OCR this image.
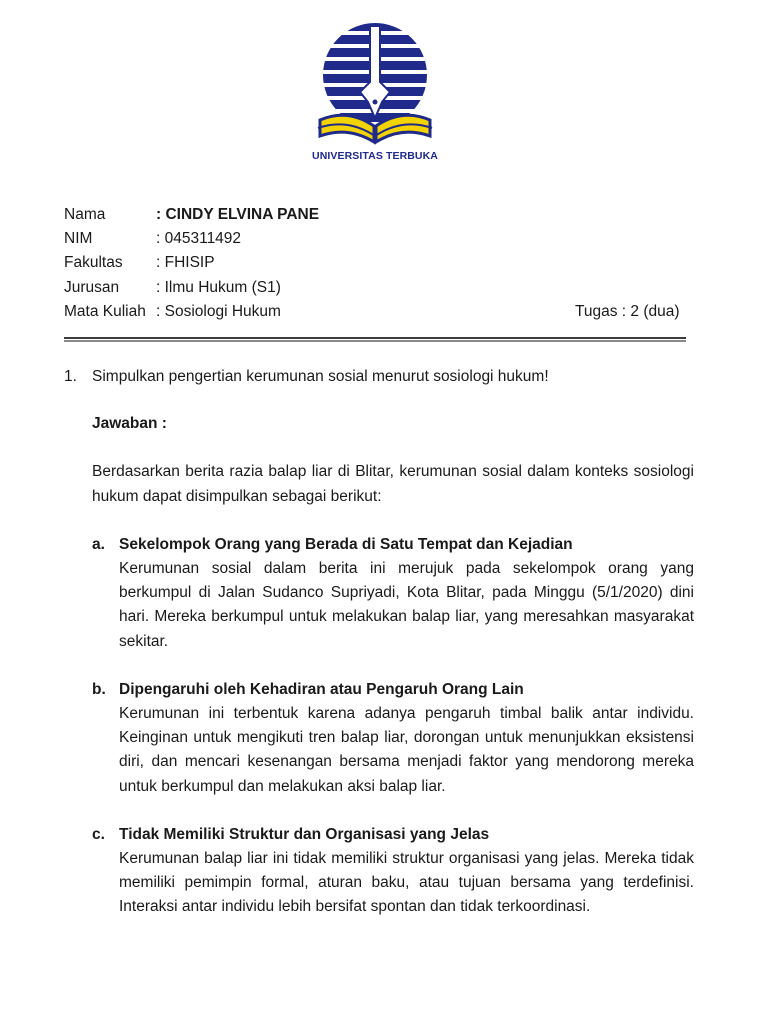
UNIVERSITAS TERBUKA
Nama	: CINDY ELVINA PANE
NIM	: 045311492
Fakultas : FHISIP
Jurusan : Ilmu Hukum (S1)
Mata Kuliah : Sosiologi Hukum	Tugas : 2 (dua)

1. Simpulkan pengertian kerumunan sosial menurut sosiologi hukum!

Jawaban :
Berdasarkan berita razia balap liar di Blitar, kerumunan sosial dalam konteks sosiologi hukum dapat disimpulkan sebagai berikut:
a. Sekelompok Orang yang Berada di Satu Tempat dan Kejadian
Kerumunan sosial dalam berita ini merujuk pada sekelompok orang yang berkumpul di Jalan Sudanco Supriyadi, Kota Blitar, pada Minggu (5/1/2020) dini hari. Mereka berkumpul untuk melakukan balap liar, yang meresahkan masyarakat sekitar.
b. Dipengaruhi oleh Kehadiran atau Pengaruh Orang Lain
Kerumunan ini terbentuk karena adanya pengaruh timbal balik antar individu. Keinginan untuk mengikuti tren balap liar, dorongan untuk menunjukkan eksistensi diri, dan mencari kesenangan bersama menjadi faktor yang mendorong mereka untuk berkumpul dan melakukan aksi balap liar.
c. Tidak Memiliki Struktur dan Organisasi yang Jelas
Kerumunan balap liar ini tidak memiliki struktur organisasi yang jelas. Mereka tidak memiliki pemimpin formal, aturan baku, atau tujuan bersama yang terdefinisi. Interaksi antar individu lebih bersifat spontan dan tidak terkoordinasi.
